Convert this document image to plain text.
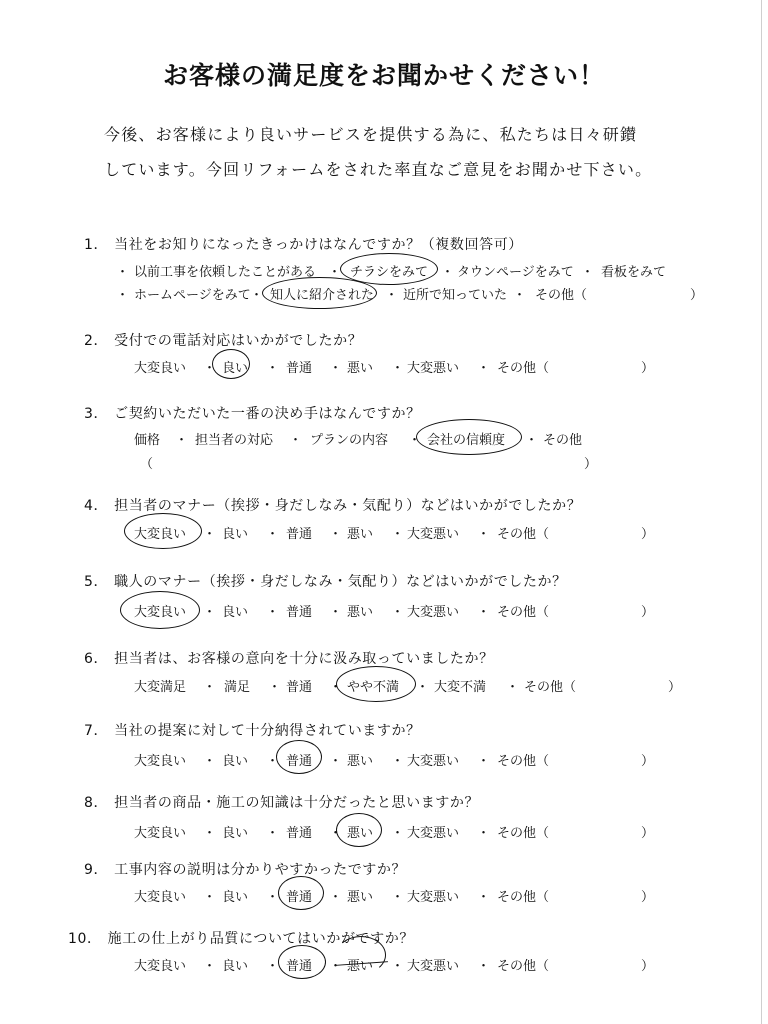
お客様の満足度をお聞かせください！
今後、お客様により良いサービスを提供する為に、私たちは日々研鑚
しています。今回リフォームをされた率直なご意見をお聞かせ下さい。
1． 当社をお知りになったきっかけはなんですか？（複数回答可）
・ 以前工事を依頼したことがある ・ チラシをみて ・ タウンページをみて ・ 看板をみて
・ ホームページをみて ・ 知人に紹介された ・ 近所で知っていた ・ その他（	）
2． 受付での電話対応はいかがでしたか？
大変良い ・ 良い ・ 普通 ・ 悪い ・ 大変悪い ・ その他（	）
3． ご契約いただいた一番の決め手はなんですか？
価格 ・ 担当者の対応 ・ プランの内容 ・ 会社の信頼度 ・ その他
（	）
4． 担当者のマナー（挨拶・身だしなみ・気配り）などはいかがでしたか？
大変良い ・ 良い ・ 普通 ・ 悪い ・ 大変悪い ・ その他（	）
5． 職人のマナー（挨拶・身だしなみ・気配り）などはいかがでしたか？
大変良い ・ 良い ・ 普通 ・ 悪い ・ 大変悪い ・ その他（	）
6． 担当者は、お客様の意向を十分に汲み取っていましたか？
大変満足 ・ 満足 ・ 普通 ・ やや不満 ・ 大変不満 ・ その他（	）
7． 当社の提案に対して十分納得されていますか？
大変良い ・ 良い ・ 普通 ・ 悪い ・ 大変悪い ・ その他（	）
8． 担当者の商品・施工の知識は十分だったと思いますか？
大変良い ・ 良い ・ 普通 ・ 悪い ・ 大変悪い ・ その他（	）
9． 工事内容の説明は分かりやすかったですか？
大変良い ・ 良い ・ 普通 ・ 悪い ・ 大変悪い ・ その他（	）
10． 施工の仕上がり品質についてはいかがですか？
大変良い ・ 良い ・ 普通 ・ 悪い ・ 大変悪い ・ その他（	）
